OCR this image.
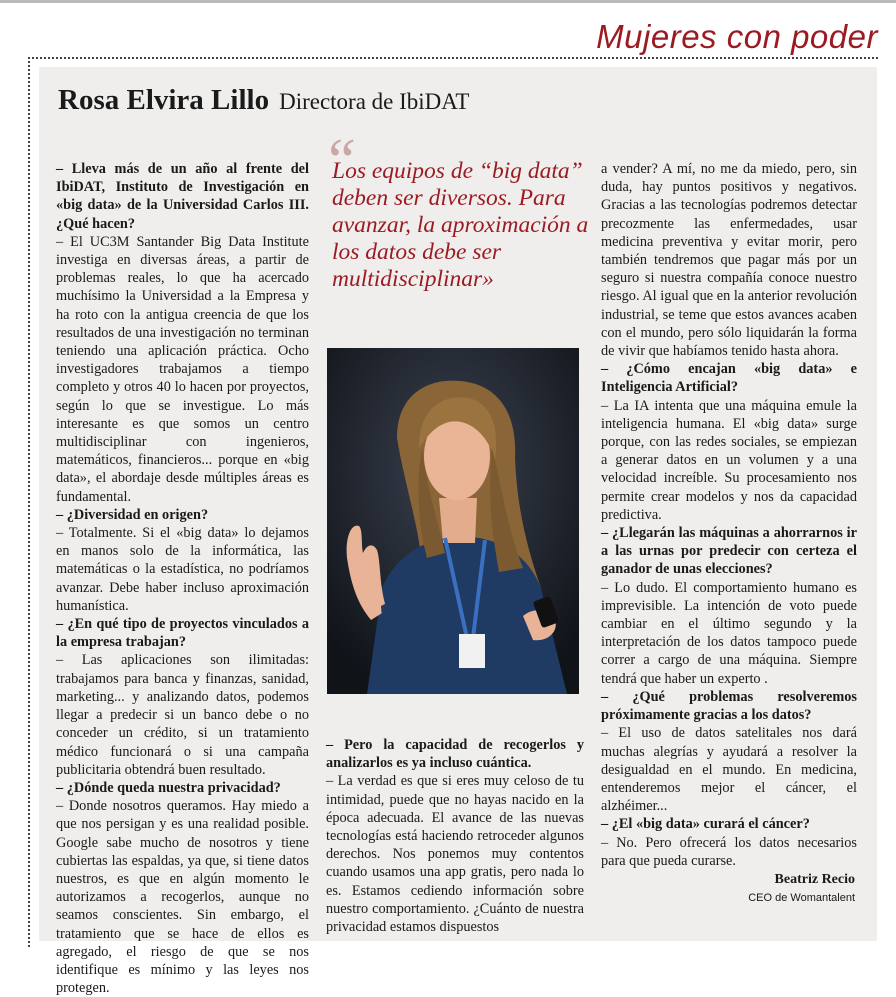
Mujeres con poder
Rosa Elvira Lillo Directora de IbiDAT

– Lleva más de un año al frente del IbiDAT, Instituto de Investigación en «big data» de la Universidad Carlos III. ¿Qué hacen?

– El UC3M Santander Big Data Institute investiga en diversas áreas, a partir de problemas reales, lo que ha acercado muchísimo la Universidad a la Empresa y ha roto con la antigua creencia de que los resultados de una investigación no terminan teniendo una aplicación práctica. Ocho investigadores trabajamos a tiempo completo y otros 40 lo hacen por proyectos, según lo que se investigue. Lo más interesante es que somos un centro multidisciplinar con ingenieros, matemáticos, financieros... porque en «big data», el abordaje desde múltiples áreas es fundamental.

– ¿Diversidad en origen?

– Totalmente. Si el «big data» lo dejamos en manos solo de la informática, las matemáticas o la estadística, no podríamos avanzar. Debe haber incluso aproximación humanística.

– ¿En qué tipo de proyectos vinculados a la empresa trabajan?

– Las aplicaciones son ilimitadas: trabajamos para banca y finanzas, sanidad, marketing... y analizando datos, podemos llegar a predecir si un banco debe o no conceder un crédito, si un tratamiento médico funcionará o si una campaña publicitaria obtendrá buen resultado.

– ¿Dónde queda nuestra privacidad?

– Donde nosotros queramos. Hay miedo a que nos persigan y es una realidad posible. Google sabe mucho de nosotros y tiene cubiertas las espaldas, ya que, si tiene datos nuestros, es que en algún momento le autorizamos a recogerlos, aunque no seamos conscientes. Sin embargo, el tratamiento que se hace de ellos es agregado, el riesgo de que se nos identifique es mínimo y las leyes nos protegen.

“
Los equipos de “big data” deben ser diversos. Para avanzar, la aproximación a los datos debe ser multidisciplinar»

– Pero la capacidad de recogerlos y analizarlos es ya incluso cuántica.

– La verdad es que si eres muy celoso de tu intimidad, puede que no hayas nacido en la época adecuada. El avance de las nuevas tecnologías está haciendo retroceder algunos derechos. Nos ponemos muy contentos cuando usamos una app gratis, pero nada lo es. Estamos cediendo información sobre nuestro comportamiento. ¿Cuánto de nuestra privacidad estamos dispuestos

a vender? A mí, no me da miedo, pero, sin duda, hay puntos positivos y negativos. Gracias a las tecnologías podremos detectar precozmente las enfermedades, usar medicina preventiva y evitar morir, pero también tendremos que pagar más por un seguro si nuestra compañía conoce nuestro riesgo. Al igual que en la anterior revolución industrial, se teme que estos avances acaben con el mundo, pero sólo liquidarán la forma de vivir que habíamos tenido hasta ahora.

– ¿Cómo encajan «big data» e Inteligencia Artificial?

– La IA intenta que una máquina emule la inteligencia humana. El «big data» surge porque, con las redes sociales, se empiezan a generar datos en un volumen y a una velocidad increíble. Su procesamiento nos permite crear modelos y nos da capacidad predictiva.

– ¿Llegarán las máquinas a ahorrarnos ir a las urnas por predecir con certeza el ganador de unas elecciones?

– Lo dudo. El comportamiento humano es imprevisible. La intención de voto puede cambiar en el último segundo y la interpretación de los datos tampoco puede correr a cargo de una máquina. Siempre tendrá que haber un experto .

– ¿Qué problemas resolveremos próximamente gracias a los datos?

– El uso de datos satelitales nos dará muchas alegrías y ayudará a resolver la desigualdad en el mundo. En medicina, entenderemos mejor el cáncer, el alzhéimer...

– ¿El «big data» curará el cáncer?

– No. Pero ofrecerá los datos necesarios para que pueda curarse.

Beatriz Recio
CEO de Womantalent
